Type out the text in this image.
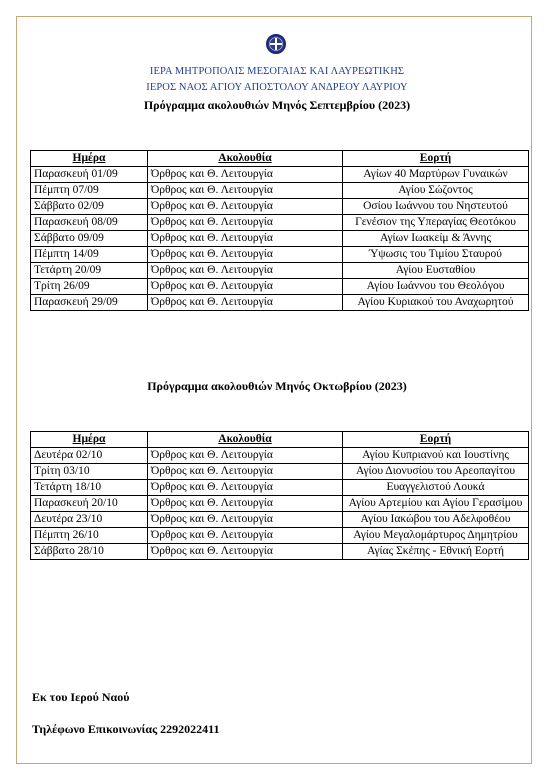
ΙΕΡΑ ΜΗΤΡΟΠΟΛΙΣ ΜΕΣΟΓΑΙΑΣ ΚΑΙ ΛΑΥΡΕΩΤΙΚΗΣ
ΙΕΡΟΣ ΝΑΟΣ ΑΓΙΟΥ ΑΠΟΣΤΟΛΟΥ ΑΝΔΡΕΟΥ ΛΑΥΡΙΟΥ
Πρόγραμμα ακολουθιών Μηνός Σεπτεμβρίου (2023)
Ημέρα	Ακολουθία	Εορτή
Παρασκευή 01/09	Όρθρος και Θ. Λειτουργία	Αγίων 40 Μαρτύρων Γυναικών
Πέμπτη 07/09	Όρθρος και Θ. Λειτουργία	Αγίου Σώζοντος
Σάββατο 02/09	Όρθρος και Θ. Λειτουργία	Οσίου Ιωάννου του Νηστευτού
Παρασκευή 08/09	Όρθρος και Θ. Λειτουργία	Γενέσιον της Υπεραγίας Θεοτόκου
Σάββατο 09/09	Όρθρος και Θ. Λειτουργία	Αγίων Ιωακείμ & Άννης
Πέμπτη 14/09	Όρθρος και Θ. Λειτουργία	Ύψωσις του Τιμίου Σταυρού
Τετάρτη 20/09	Όρθρος και Θ. Λειτουργία	Αγίου Ευσταθίου
Τρίτη 26/09	Όρθρος και Θ. Λειτουργία	Αγίου Ιωάννου του Θεολόγου
Παρασκευή 29/09	Όρθρος και Θ. Λειτουργία	Αγίου Κυριακού του Αναχωρητού
Πρόγραμμα ακολουθιών Μηνός Οκτωβρίου (2023)
Ημέρα	Ακολουθία	Εορτή
Δευτέρα 02/10	Όρθρος και Θ. Λειτουργία	Αγίου Κυπριανού και Ιουστίνης
Τρίτη 03/10	Όρθρος και Θ. Λειτουργία	Αγίου Διονυσίου του Αρεοπαγίτου
Τετάρτη 18/10	Όρθρος και Θ. Λειτουργία	Ευαγγελιστού Λουκά
Παρασκευή 20/10	Όρθρος και Θ. Λειτουργία	Αγίου Αρτεμίου και Αγίου Γερασίμου
Δευτέρα 23/10	Όρθρος και Θ. Λειτουργία	Αγίου Ιακώβου του Αδελφοθέου
Πέμπτη 26/10	Όρθρος και Θ. Λειτουργία	Αγίου Μεγαλομάρτυρος Δημητρίου
Σάββατο 28/10	Όρθρος και Θ. Λειτουργία	Αγίας Σκέπης - Εθνική Εορτή
Εκ του Ιερού Ναού
Τηλέφωνο Επικοινωνίας 2292022411
